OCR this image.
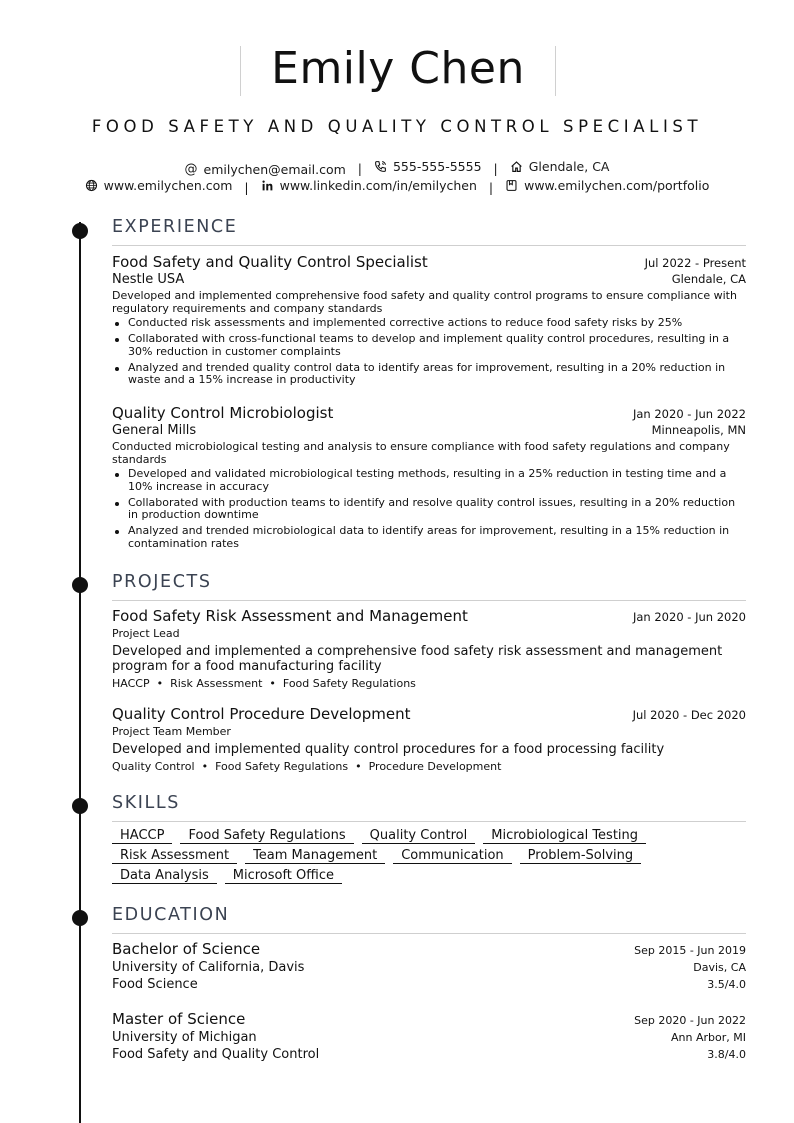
Emily Chen
FOOD SAFETY AND QUALITY CONTROL SPECIALIST
@ emilychen@email.com | 555-555-5555 | Glendale, CA
www.emilychen.com | www.linkedin.com/in/emilychen | www.emilychen.com/portfolio
EXPERIENCE
Food Safety and Quality Control Specialist	Jul 2022 - Present
Nestle USA	Glendale, CA
Developed and implemented comprehensive food safety and quality control programs to ensure compliance with regulatory requirements and company standards
Conducted risk assessments and implemented corrective actions to reduce food safety risks by 25%
Collaborated with cross-functional teams to develop and implement quality control procedures, resulting in a 30% reduction in customer complaints
Analyzed and trended quality control data to identify areas for improvement, resulting in a 20% reduction in waste and a 15% increase in productivity
Quality Control Microbiologist	Jan 2020 - Jun 2022
General Mills	Minneapolis, MN
Conducted microbiological testing and analysis to ensure compliance with food safety regulations and company standards
Developed and validated microbiological testing methods, resulting in a 25% reduction in testing time and a 10% increase in accuracy
Collaborated with production teams to identify and resolve quality control issues, resulting in a 20% reduction in production downtime
Analyzed and trended microbiological data to identify areas for improvement, resulting in a 15% reduction in contamination rates
PROJECTS
Food Safety Risk Assessment and Management	Jan 2020 - Jun 2020
Project Lead
Developed and implemented a comprehensive food safety risk assessment and management program for a food manufacturing facility
HACCP • Risk Assessment • Food Safety Regulations
Quality Control Procedure Development	Jul 2020 - Dec 2020
Project Team Member
Developed and implemented quality control procedures for a food processing facility
Quality Control • Food Safety Regulations • Procedure Development
SKILLS
HACCP	Food Safety Regulations	Quality Control	Microbiological Testing
Risk Assessment	Team Management	Communication	Problem-Solving
Data Analysis	Microsoft Office
EDUCATION
Bachelor of Science	Sep 2015 - Jun 2019
University of California, Davis	Davis, CA
Food Science	3.5/4.0
Master of Science	Sep 2020 - Jun 2022
University of Michigan	Ann Arbor, MI
Food Safety and Quality Control	3.8/4.0
